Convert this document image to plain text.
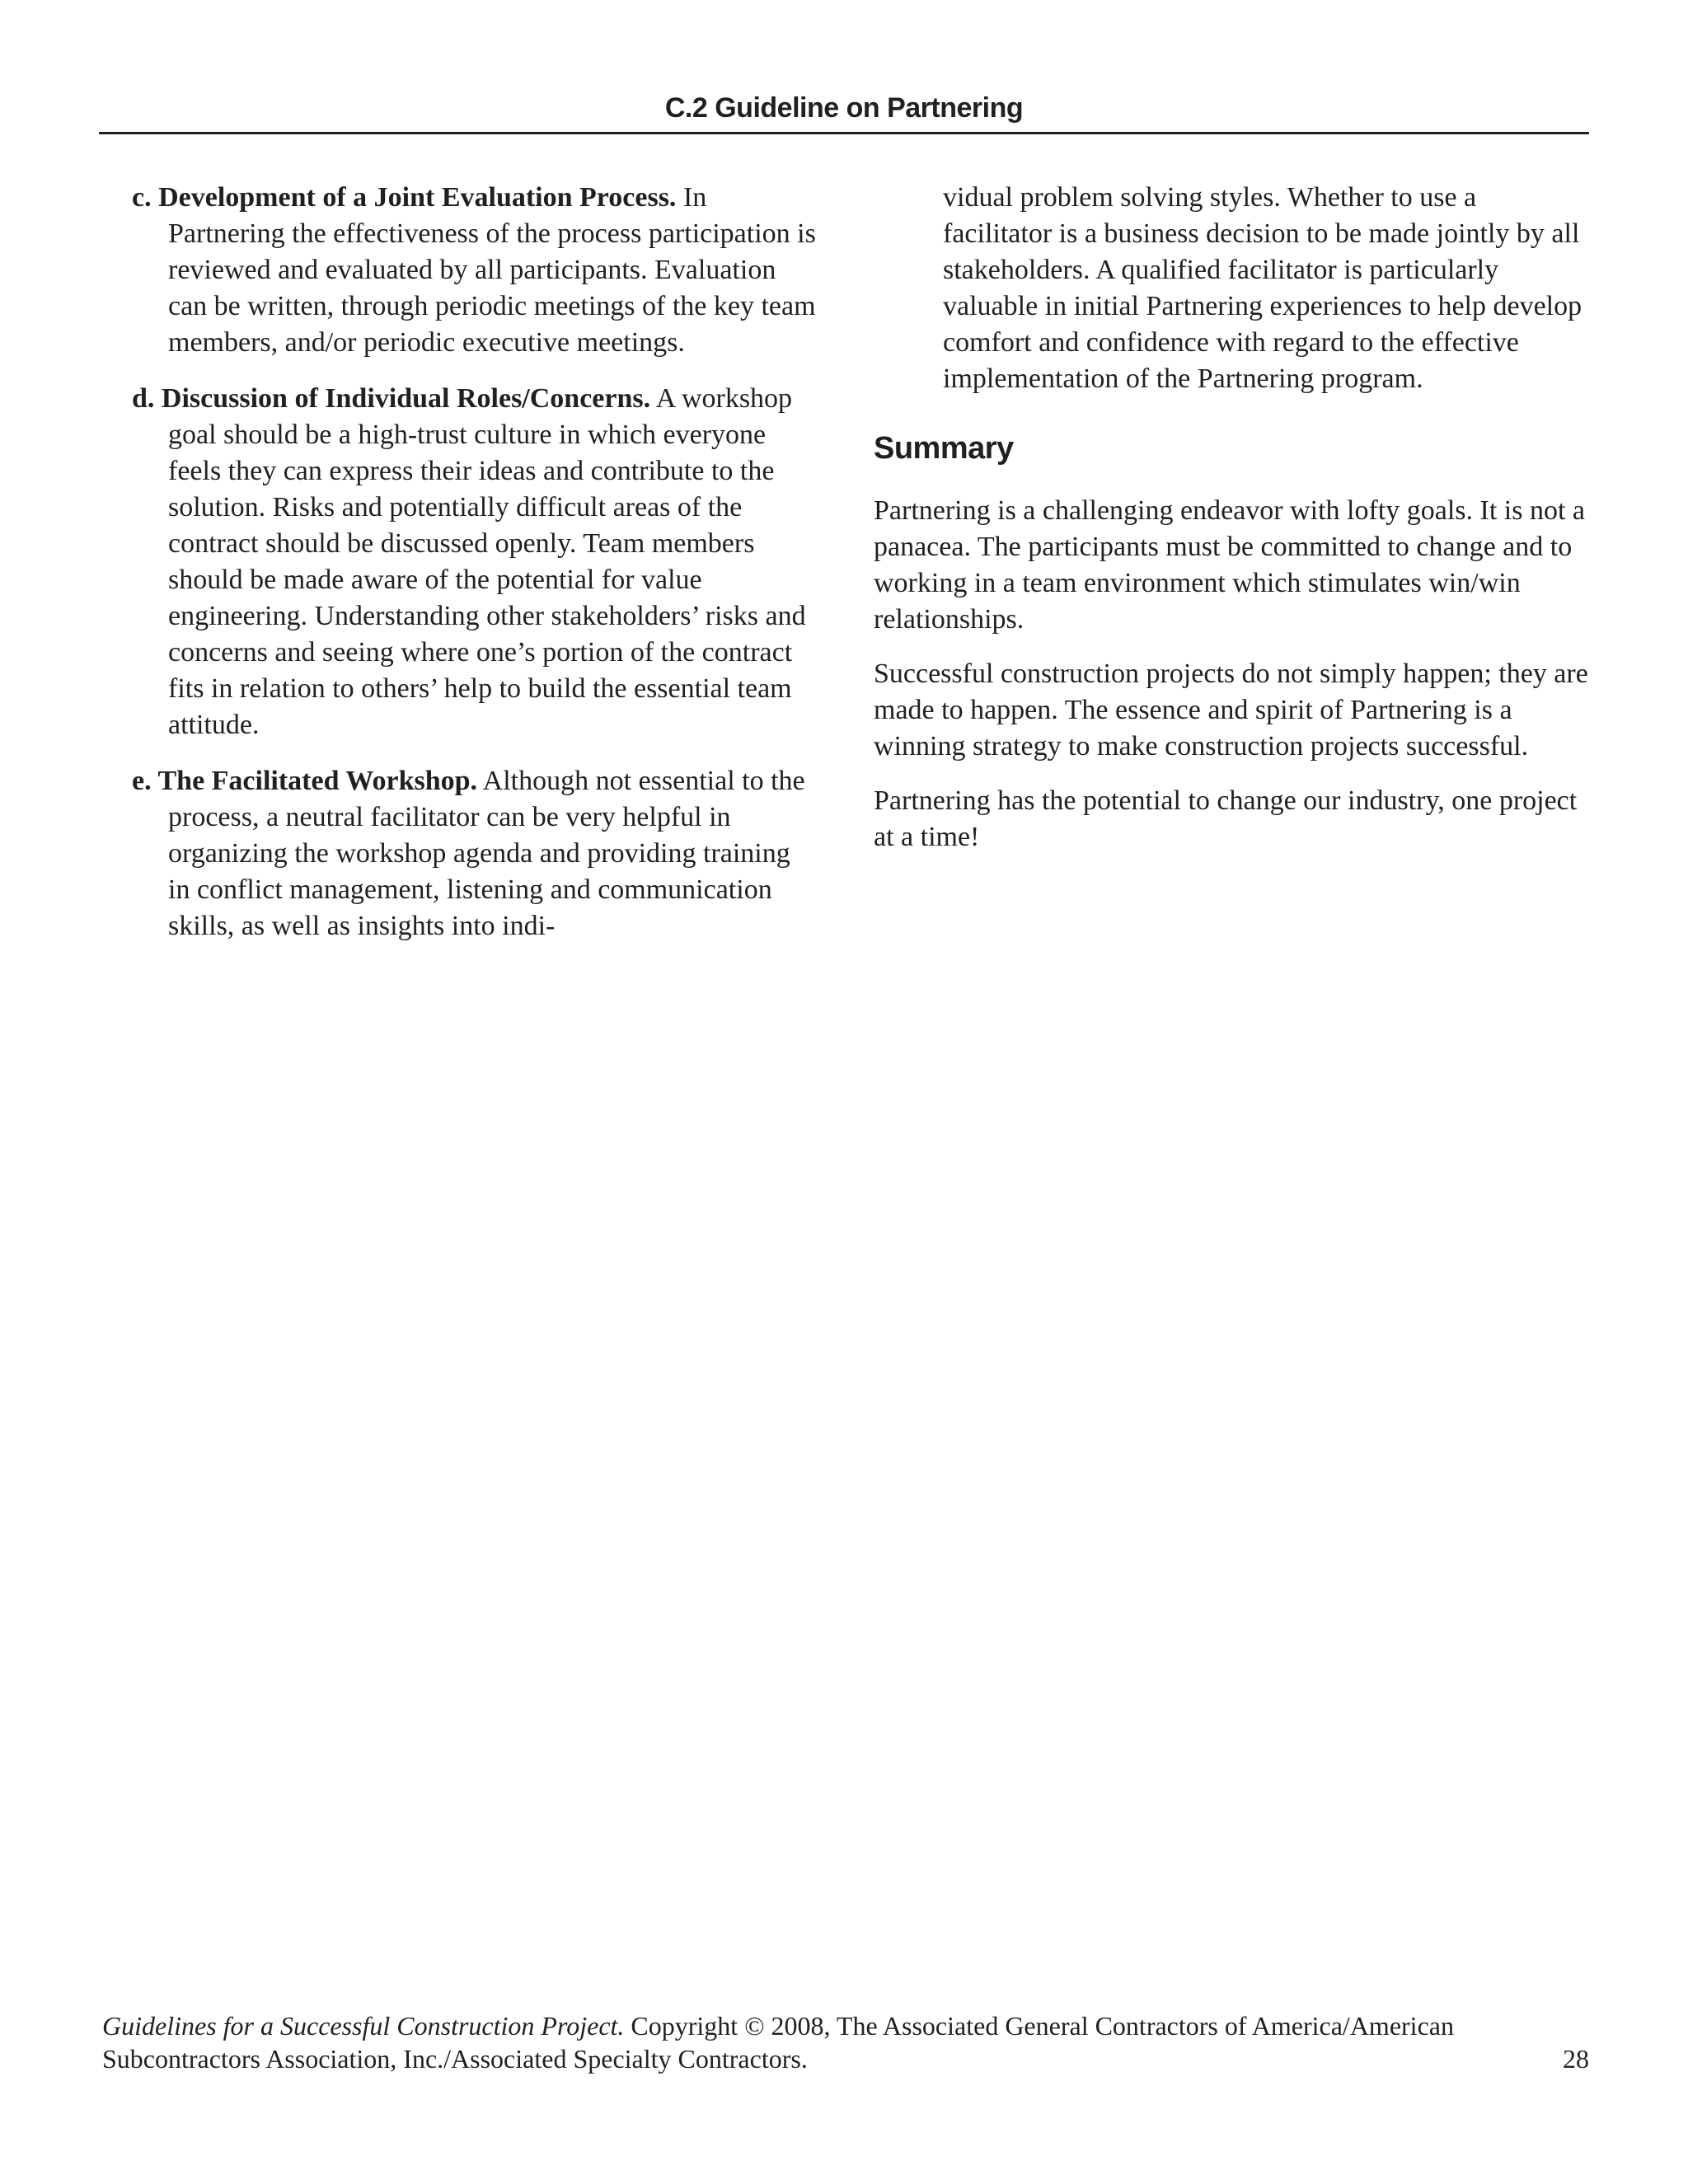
C.2 Guideline on Partnering

c. Development of a Joint Evaluation Process. In Partnering the effectiveness of the process participation is reviewed and evaluated by all participants. Evaluation can be written, through periodic meetings of the key team members, and/or periodic executive meetings.

d. Discussion of Individual Roles/Concerns. A workshop goal should be a high-trust culture in which everyone feels they can express their ideas and contribute to the solution. Risks and potentially difficult areas of the contract should be discussed openly. Team members should be made aware of the potential for value engineering. Understanding other stakeholders’ risks and concerns and seeing where one’s portion of the contract fits in relation to others’ help to build the essential team attitude.

e. The Facilitated Workshop. Although not essential to the process, a neutral facilitator can be very helpful in organizing the workshop agenda and providing training in conflict management, listening and communication skills, as well as insights into indi-

vidual problem solving styles. Whether to use a facilitator is a business decision to be made jointly by all stakeholders. A qualified facilitator is particularly valuable in initial Partnering experiences to help develop comfort and confidence with regard to the effective implementation of the Partnering program.

Summary

Partnering is a challenging endeavor with lofty goals. It is not a panacea. The participants must be committed to change and to working in a team environment which stimulates win/win relationships.

Successful construction projects do not simply happen; they are made to happen. The essence and spirit of Partnering is a winning strategy to make construction projects successful.

Partnering has the potential to change our industry, one project at a time!

Guidelines for a Successful Construction Project. Copyright © 2008, The Associated General Contractors of America/American Subcontractors Association, Inc./Associated Specialty Contractors.	28
